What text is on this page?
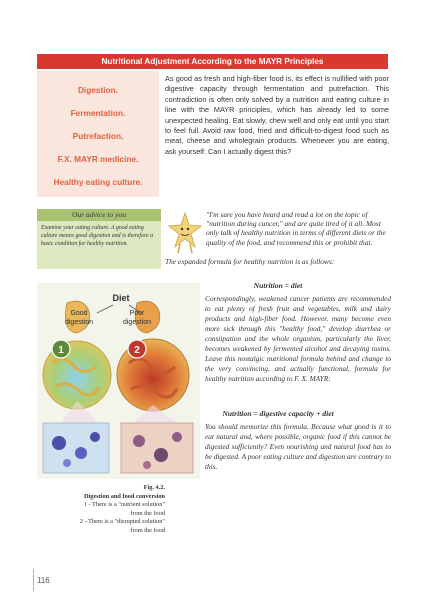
Nutritional Adjustment According to the MAYR Principles
Digestion.
Fermentation.
Putrefaction.
F.X. MAYR medicine.
Healthy eating culture.
As good as fresh and high-fiber food is, its effect is nullified with poor digestive capacity through fermentation and putrefaction. This contradiction is often only solved by a nutrition and eating culture in line with the MAYR principles, which has already led to some unexpected healing. Eat slowly, chew well and only eat until you start to feel full. Avoid raw food, fried and difficult-to-digest food such as meat, cheese and wholegrain products. Whenever you are eating, ask yourself: Can I actually digest this?
Our advice to you
Examine your eating culture. A good eating culture means good digestion and is therefore a basic condition for healthy nutrition.
"I'm sure you have heard and read a lot on the topic of "nutrition during cancer," and are quite tired of it all. Most only talk of healthy nutrition in terms of different diets or the quality of the food, and recommend this or prohibit that.
The expanded formula for healthy nutrition is as follows:
Nutrition = diet
Correspondingly, weakened cancer patients are recommended to eat plenty of fresh fruit and vegetables, milk and dairy products and high-fiber food. However, many become even more sick through this "healthy food," develop diarrhea or constipation and the whole organism, particularly the liver, becomes weakened by fermented alcohol and decaying toxins. Leave this nostalgic nutritional formula behind and change to the very convincing, and actually functional, formula for healthy nutrition according to F. X. MAYR:
Nutrition = digestive capacity + diet
You should memorize this formula. Because what good is it to eat natural and, where possible, organic food if this cannot be digested sufficiently? Even nourishing and natural food has to be digested. A poor eating culture and digestion are contrary to this.
1	2
Diet
Good
digestion
Poor
digestion
Fig. 4.2.
Digestion and food conversion
1 - There is a "nutrient solution"
from the food
2 - There is a "disrupted solution"
from the food
116
